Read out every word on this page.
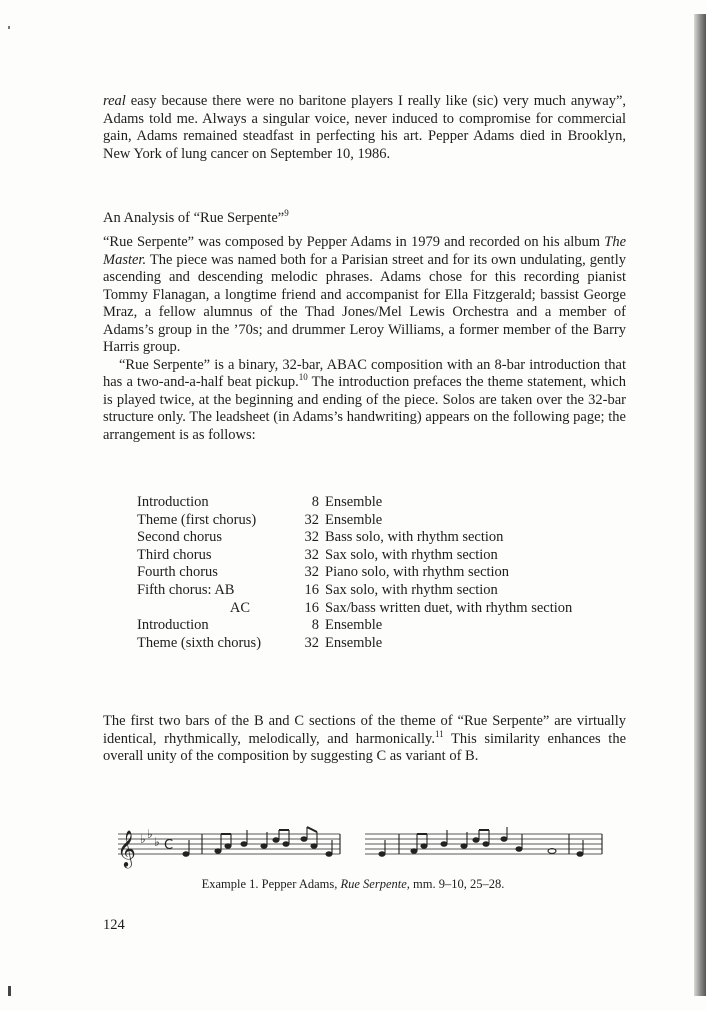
real easy because there were no baritone players I really like (sic) very much anyway”, Adams told me. Always a singular voice, never induced to compromise for commercial gain, Adams remained steadfast in perfecting his art. Pepper Adams died in Brooklyn, New York of lung cancer on September 10, 1986.

An Analysis of “Rue Serpente”$^9$

“Rue Serpente” was composed by Pepper Adams in 1979 and recorded on his album The Master. The piece was named both for a Parisian street and for its own undulating, gently ascending and descending melodic phrases. Adams chose for this recording pianist Tommy Flanagan, a longtime friend and accompanist for Ella Fitzgerald; bassist George Mraz, a fellow alumnus of the Thad Jones/Mel Lewis Orchestra and a member of Adams’s group in the ’70s; and drummer Leroy Williams, a former member of the Barry Harris group.

“Rue Serpente” is a binary, 32-bar, ABAC composition with an 8-bar introduction that has a two-and-a-half beat pickup.$^{10}$ The introduction prefaces the theme statement, which is played twice, at the beginning and ending of the piece. Solos are taken over the 32-bar structure only. The leadsheet (in Adams’s handwriting) appears on the following page; the arrangement is as follows:

Introduction	8 Ensemble
Theme (first chorus)	32 Ensemble
Second chorus	32 Bass solo, with rhythm section
Third chorus	32 Sax solo, with rhythm section
Fourth chorus	32 Piano solo, with rhythm section
Fifth chorus: AB	16 Sax solo, with rhythm section
AC	16 Sax/bass written duet, with rhythm section
Introduction	8 Ensemble
Theme (sixth chorus)	32 Ensemble

The first two bars of the B and C sections of the theme of “Rue Serpente” are virtually identical, rhythmically, melodically, and harmonically.$^{11}$ This similarity enhances the overall unity of the composition by suggesting C as variant of B.

𝄞 ♭ ♭
♭ C
Example 1. Pepper Adams, Rue Serpente, mm. 9–10, 25–28.
124
